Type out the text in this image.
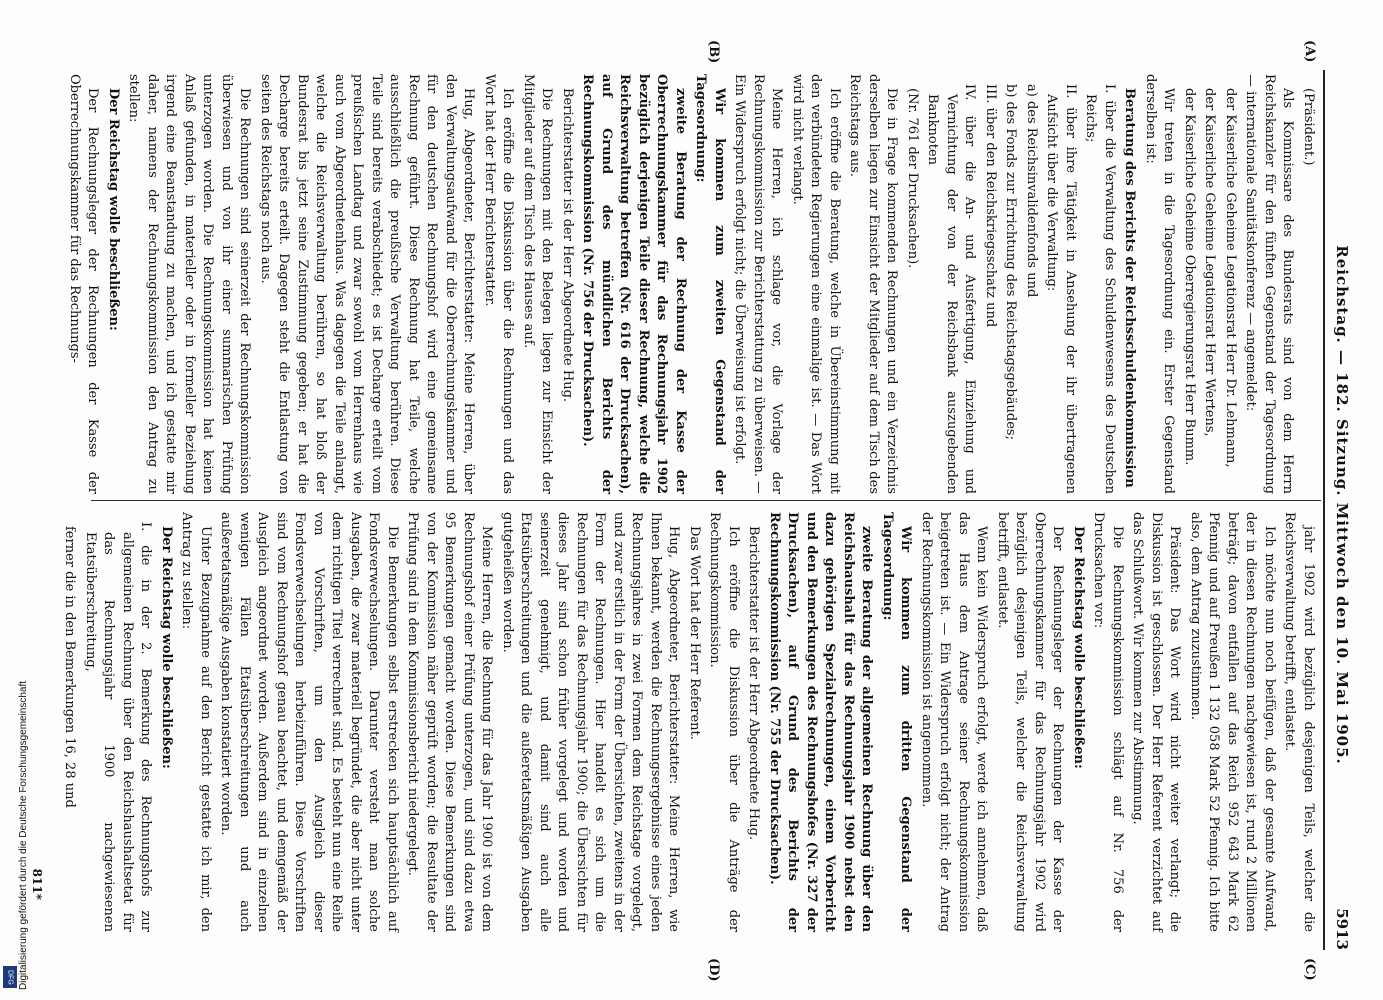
Reichstag. — 182. Sitzung. Mittwoch den 10. Mai 1905.
5913
(A)
(B)
(C)
(D)

(Präsident.)

Als Kommissare des Bundesrats sind von dem Herrn Reichskanzler für den fünften Gegenstand der Tagesordnung — internationale Sanitätskonferenz — angemeldet:

der Kaiserliche Geheime Legationsrat Herr Dr. Lehmann,

der Kaiserliche Geheime Legationsrat Herr Wertens,

der Kaiserliche Geheime Oberregierungsrat Herr Bumm.

Wir treten in die Tagesordnung ein. Erster Gegenstand derselben ist:

Beratung des Berichts der Reichsschuldenkommission

I. über die Verwaltung des Schuldenwesens des Deutschen Reichs;

II. über ihre Tätigkeit in Ansehung der ihr übertragenen Aufsicht über die Verwaltung:

a) des Reichsinvalidenfonds und

b) des Fonds zur Errichtung des Reichstagsgebäudes;

III. über den Reichskriegsschatz und

IV. über die An- und Ausfertigung, Einziehung und Vernichtung der von der Reichsbank auszugebenden Banknoten

(Nr. 761 der Drucksachen).

Die in Frage kommenden Rechnungen und ein Verzeichnis derselben liegen zur Einsicht der Mitglieder auf dem Tisch des Reichstags aus.

Ich eröffne die Beratung, welche in Übereinstimmung mit den verbündeten Regierungen eine einmalige ist. — Das Wort wird nicht verlangt.

Meine Herren, ich schlage vor, die Vorlage der Rechnungskommission zur Berichterstattung zu überweisen. — Ein Widerspruch erfolgt nicht; die Überweisung ist erfolgt.

Wir kommen zum zweiten Gegenstand der Tagesordnung:

zweite Beratung der Rechnung der Kasse der Oberrechnungskammer für das Rechnungsjahr 1902 bezüglich derjenigen Teile dieser Rechnung, welche die Reichsverwaltung betreffen (Nr. 616 der Drucksachen), auf Grund des mündlichen Berichts der Rechnungskommission (Nr. 756 der Drucksachen).

Berichterstatter ist der Herr Abgeordnete Hug.

Die Rechnungen mit den Belegen liegen zur Einsicht der Mitglieder auf dem Tisch des Hauses auf.

Ich eröffne die Diskussion über die Rechnungen und das Wort hat der Herr Berichterstatter.

Hug, Abgeordneter, Berichterstatter: Meine Herren, über den Verwaltungsaufwand für die Oberrechnungskammer und für den deutschen Rechnungshof wird eine gemeinsame Rechnung geführt. Diese Rechnung hat Teile, welche ausschließlich die preußische Verwaltung berühren. Diese Teile sind bereits verabschiedet; es ist Decharge erteilt vom preußischen Landtag und zwar sowohl vom Herrenhaus wie auch vom Abgeordnetenhaus. Was dagegen die Teile anlangt, welche die Reichsverwaltung berühren, so hat bloß der Bundesrat bis jetzt seine Zustimmung gegeben; er hat die Decharge bereits erteilt. Dagegen steht die Entlastung von seiten des Reichstags noch aus.

Die Rechnungen sind seinerzeit der Rechnungskommission überwiesen und von ihr einer summarischen Prüfung unterzogen worden. Die Rechnungskommission hat keinen Anlaß gefunden, in materieller oder in formeller Beziehung irgend eine Beanstandung zu machen, und ich gestatte mir daher, namens der Rechnungskommission den Antrag zu stellen:

Der Reichstag wolle beschließen:

Der Rechnungsleger der Rechnungen der Kasse der Oberrechnungskammer für das Rechnungs-

jahr 1902 wird bezüglich desjenigen Teils, welcher die Reichsverwaltung betrifft, entlastet.

Ich möchte nun noch beifügen, daß der gesamte Aufwand, der in diesen Rechnungen nachgewiesen ist, rund 2 Millionen beträgt; davon entfallen auf das Reich 952 643 Mark 62 Pfennig und auf Preußen 1 132 058 Mark 52 Pfennig. Ich bitte also, dem Antrag zuzustimmen.

Präsident: Das Wort wird nicht weiter verlangt; die Diskussion ist geschlossen. Der Herr Referent verzichtet auf das Schlußwort. Wir kommen zur Abstimmung.

Die Rechnungskommission schlägt auf Nr. 756 der Drucksachen vor:

Der Reichstag wolle beschließen:

Der Rechnungsleger der Rechnungen der Kasse der Oberrechnungskammer für das Rechnungsjahr 1902 wird bezüglich desjenigen Teils, welcher die Reichsverwaltung betrifft, entlastet.

Wenn kein Widerspruch erfolgt, werde ich annehmen, daß das Haus dem Antrage seiner Rechnungskommission beigetreten ist. — Ein Widerspruch erfolgt nicht; der Antrag der Rechnungskommission ist angenommen.

Wir kommen zum dritten Gegenstand der Tagesordnung:

zweite Beratung der allgemeinen Rechnung über den Reichshaushalt für das Rechnungsjahr 1900 nebst den dazu gehörigen Spezialrechnungen, einem Vorbericht und den Bemerkungen des Rechnungshofes (Nr. 327 der Drucksachen), auf Grund des Berichts der Rechnungskommission (Nr. 755 der Drucksachen).

Berichterstatter ist der Herr Abgeordnete Hug.

Ich eröffne die Diskussion über die Anträge der Rechnungskommission.

Das Wort hat der Herr Referent.

Hug, Abgeordneter, Berichterstatter: Meine Herren, wie Ihnen bekannt, werden die Rechnungsergebnisse eines jeden Rechnungsjahres in zwei Formen dem Reichstage vorgelegt, und zwar erstlich in der Form der Übersichten, zweitens in der Form der Rechnungen. Hier handelt es sich um die Rechnungen für das Rechnungsjahr 1900; die Übersichten für dieses Jahr sind schon früher vorgelegt und worden und seinerzeit genehmigt, und damit sind auch alle Etatsüberschreitungen und die außeretatsmäßigen Ausgaben gutgeheißen worden.

Meine Herren, die Rechnung für das Jahr 1900 ist von dem Rechnungshof einer Prüfung unterzogen, und sind dazu etwa 95 Bemerkungen gemacht worden. Diese Bemerkungen sind von der Kommission näher geprüft worden; die Resultate der Prüfung sind in dem Kommissionsbericht niedergelegt.

Die Bemerkungen selbst erstrecken sich hauptsächlich auf Fondsverwechselungen. Darunter versteht man solche Ausgaben, die zwar materiell begründet, die aber nicht unter dem richtigen Titel verrechnet sind. Es besteht nun eine Reihe von Vorschriften, um den Ausgleich dieser Fondsverwechselungen herbeizuführen. Diese Vorschriften sind vom Rechnungshof genau beachtet, und demgemäß der Ausgleich angeordnet worden. Außerdem sind in einzelnen wenigen Fällen Etatsüberschreitungen und auch außeretatsmäßige Ausgaben konstatiert worden.

Unter Bezugnahme auf den Bericht gestatte ich mir, den Antrag zu stellen:

Der Reichstag wolle beschließen:

I. die in der 2. Bemerkung des Rechnungshofs zur allgemeinen Rechnung über den Reichshaushaltsetat für das Rechnungsjahr 1900 nachgewiesenen Etatsüberschreitung,

ferner die in den Bemerkungen 16, 28 und

811*
DFG Digitalisierung gefördert durch die Deutsche Forschungsgemeinschaft
